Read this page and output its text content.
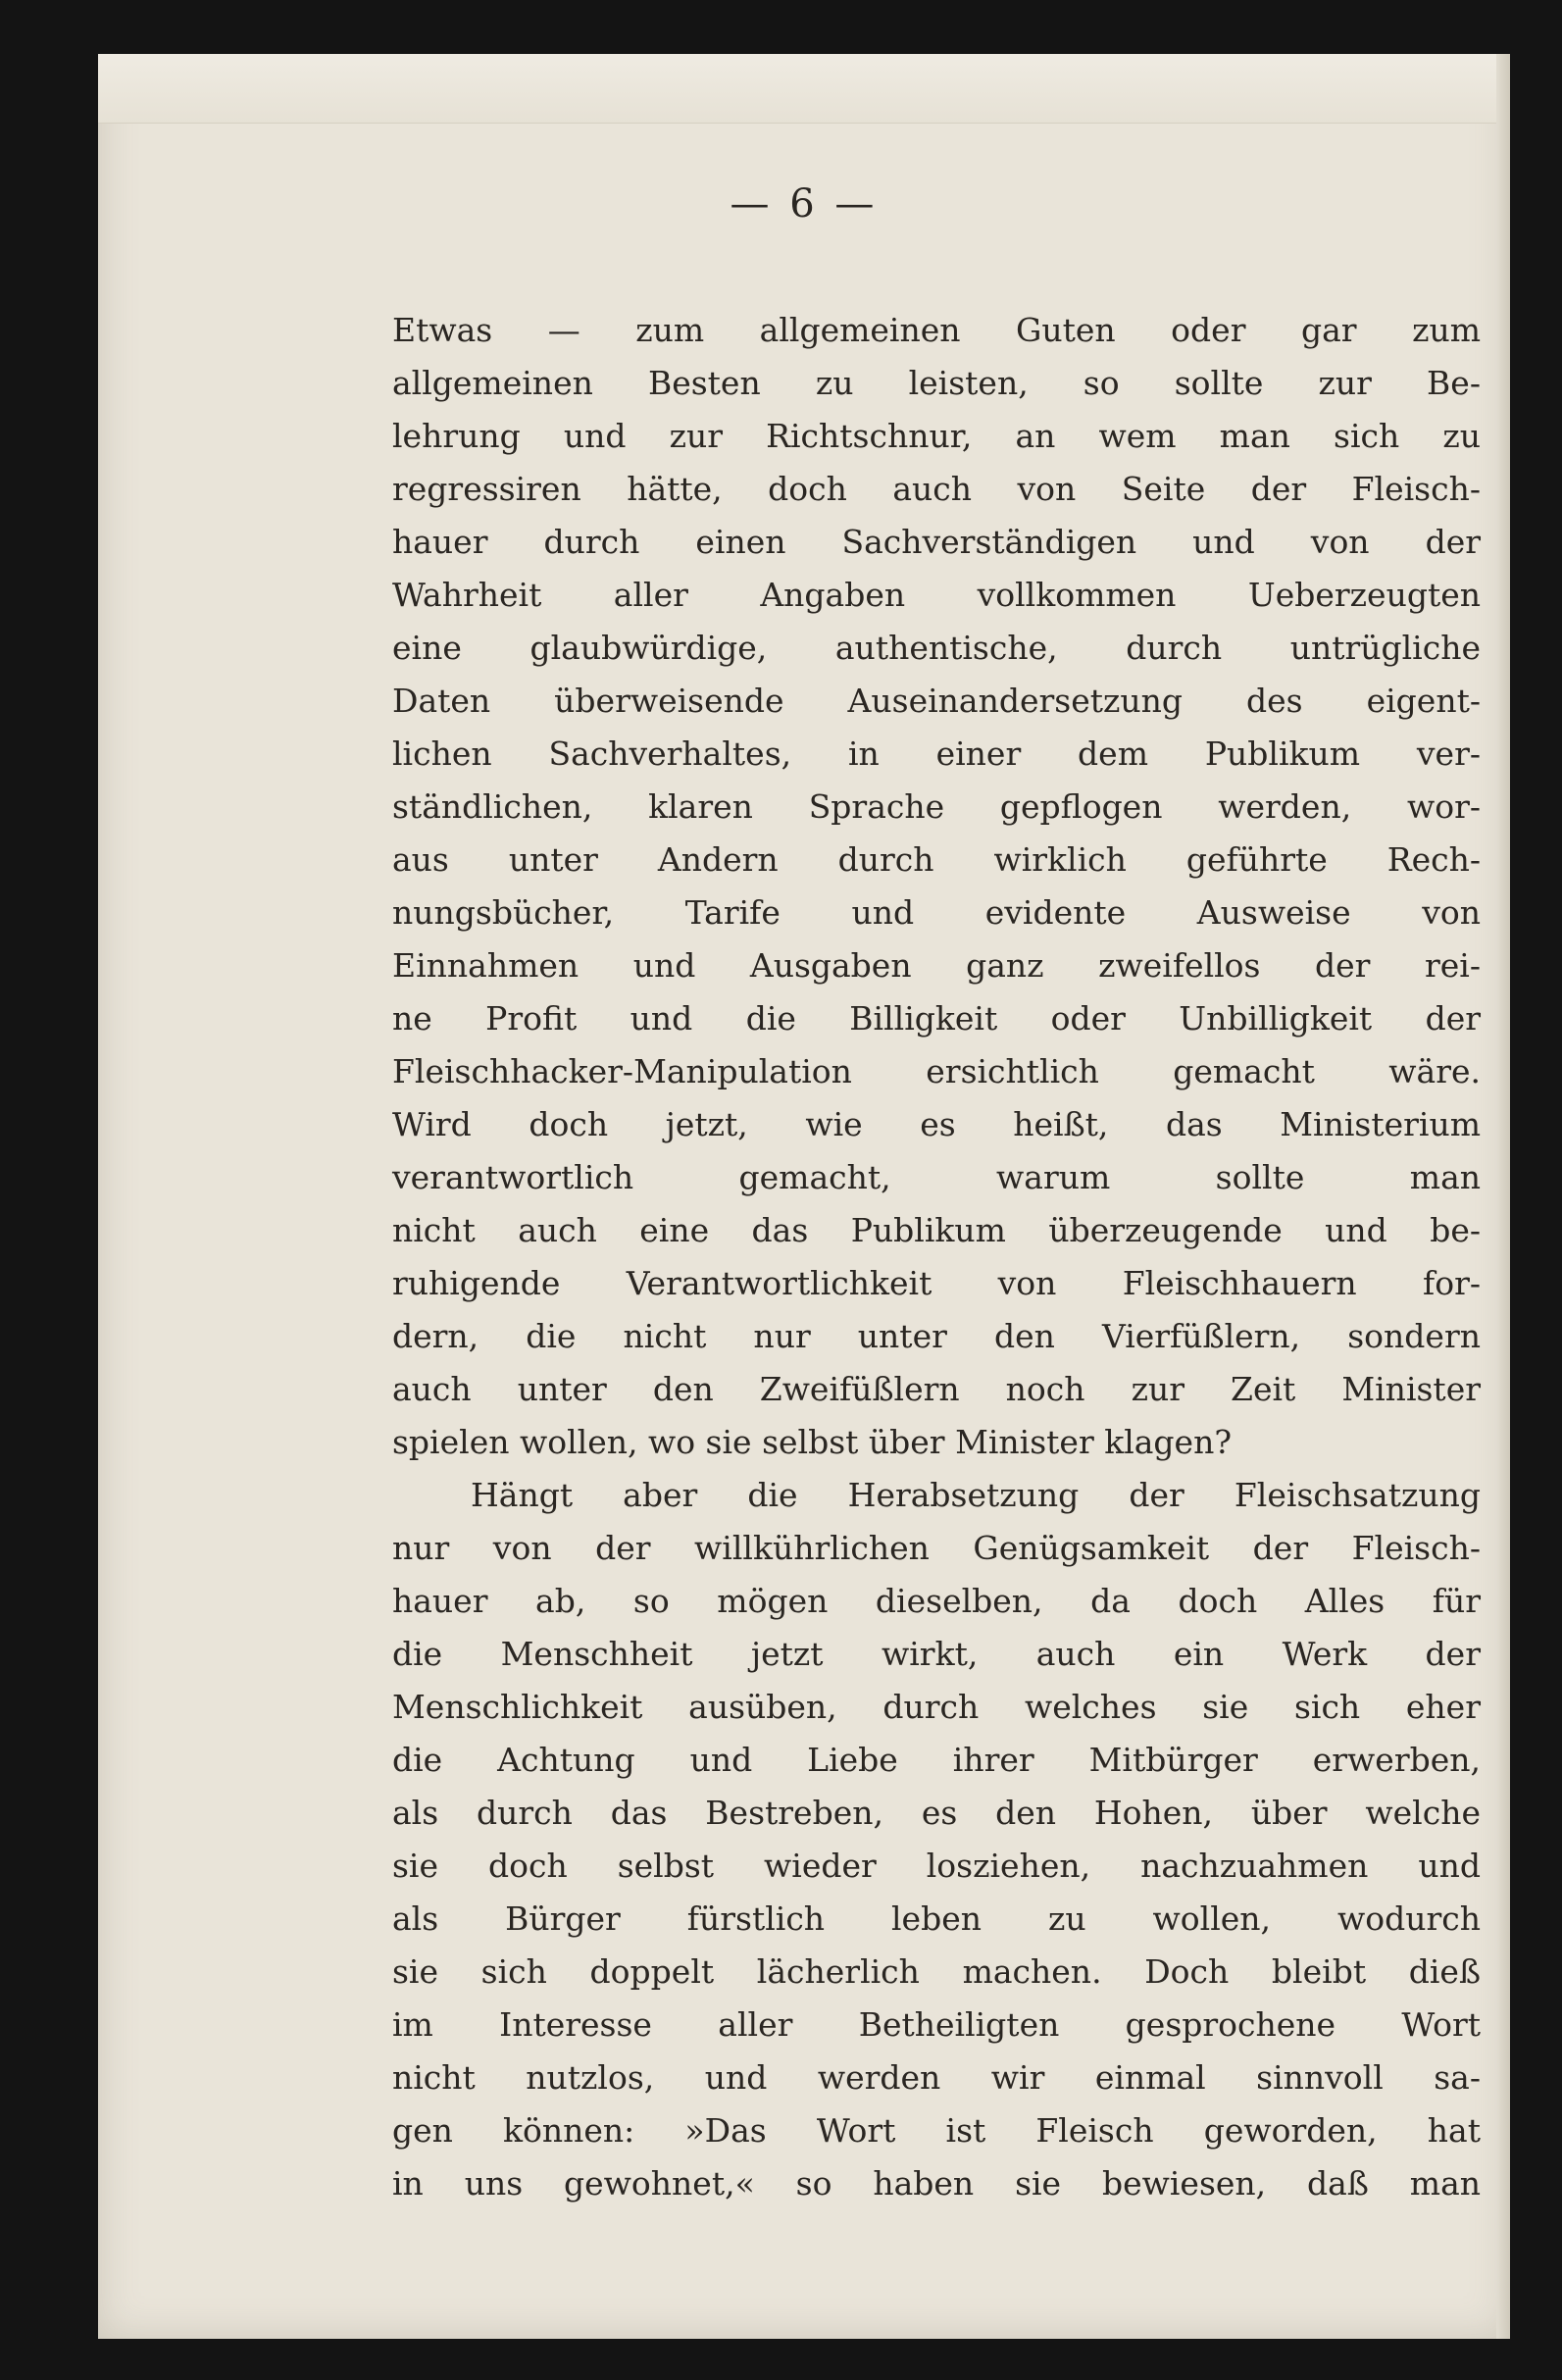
— 6 —
Etwas — zum allgemeinen Guten oder gar zum
allgemeinen Besten zu leisten, so sollte zur Be-
lehrung und zur Richtschnur, an wem man sich zu
regressiren hätte, doch auch von Seite der Fleisch-
hauer durch einen Sachverständigen und von der
Wahrheit aller Angaben vollkommen Ueberzeugten
eine glaubwürdige, authentische, durch untrügliche
Daten überweisende Auseinandersetzung des eigent-
lichen Sachverhaltes, in einer dem Publikum ver-
ständlichen, klaren Sprache gepflogen werden, wor-
aus unter Andern durch wirklich geführte Rech-
nungsbücher, Tarife und evidente Ausweise von
Einnahmen und Ausgaben ganz zweifellos der rei-
ne Profit und die Billigkeit oder Unbilligkeit der
Fleischhacker-Manipulation ersichtlich gemacht wäre.
Wird doch jetzt, wie es heißt, das Ministerium
verantwortlich gemacht, warum sollte man
nicht auch eine das Publikum überzeugende und be-
ruhigende Verantwortlichkeit von Fleischhauern for-
dern, die nicht nur unter den Vierfüßlern, sondern
auch unter den Zweifüßlern noch zur Zeit Minister
spielen wollen, wo sie selbst über Minister klagen?
Hängt aber die Herabsetzung der Fleischsatzung
nur von der willkührlichen Genügsamkeit der Fleisch-
hauer ab, so mögen dieselben, da doch Alles für
die Menschheit jetzt wirkt, auch ein Werk der
Menschlichkeit ausüben, durch welches sie sich eher
die Achtung und Liebe ihrer Mitbürger erwerben,
als durch das Bestreben, es den Hohen, über welche
sie doch selbst wieder losziehen, nachzuahmen und
als Bürger fürstlich leben zu wollen, wodurch
sie sich doppelt lächerlich machen. Doch bleibt dieß
im Interesse aller Betheiligten gesprochene Wort
nicht nutzlos, und werden wir einmal sinnvoll sa-
gen können: »Das Wort ist Fleisch geworden, hat
in uns gewohnet,« so haben sie bewiesen, daß man
